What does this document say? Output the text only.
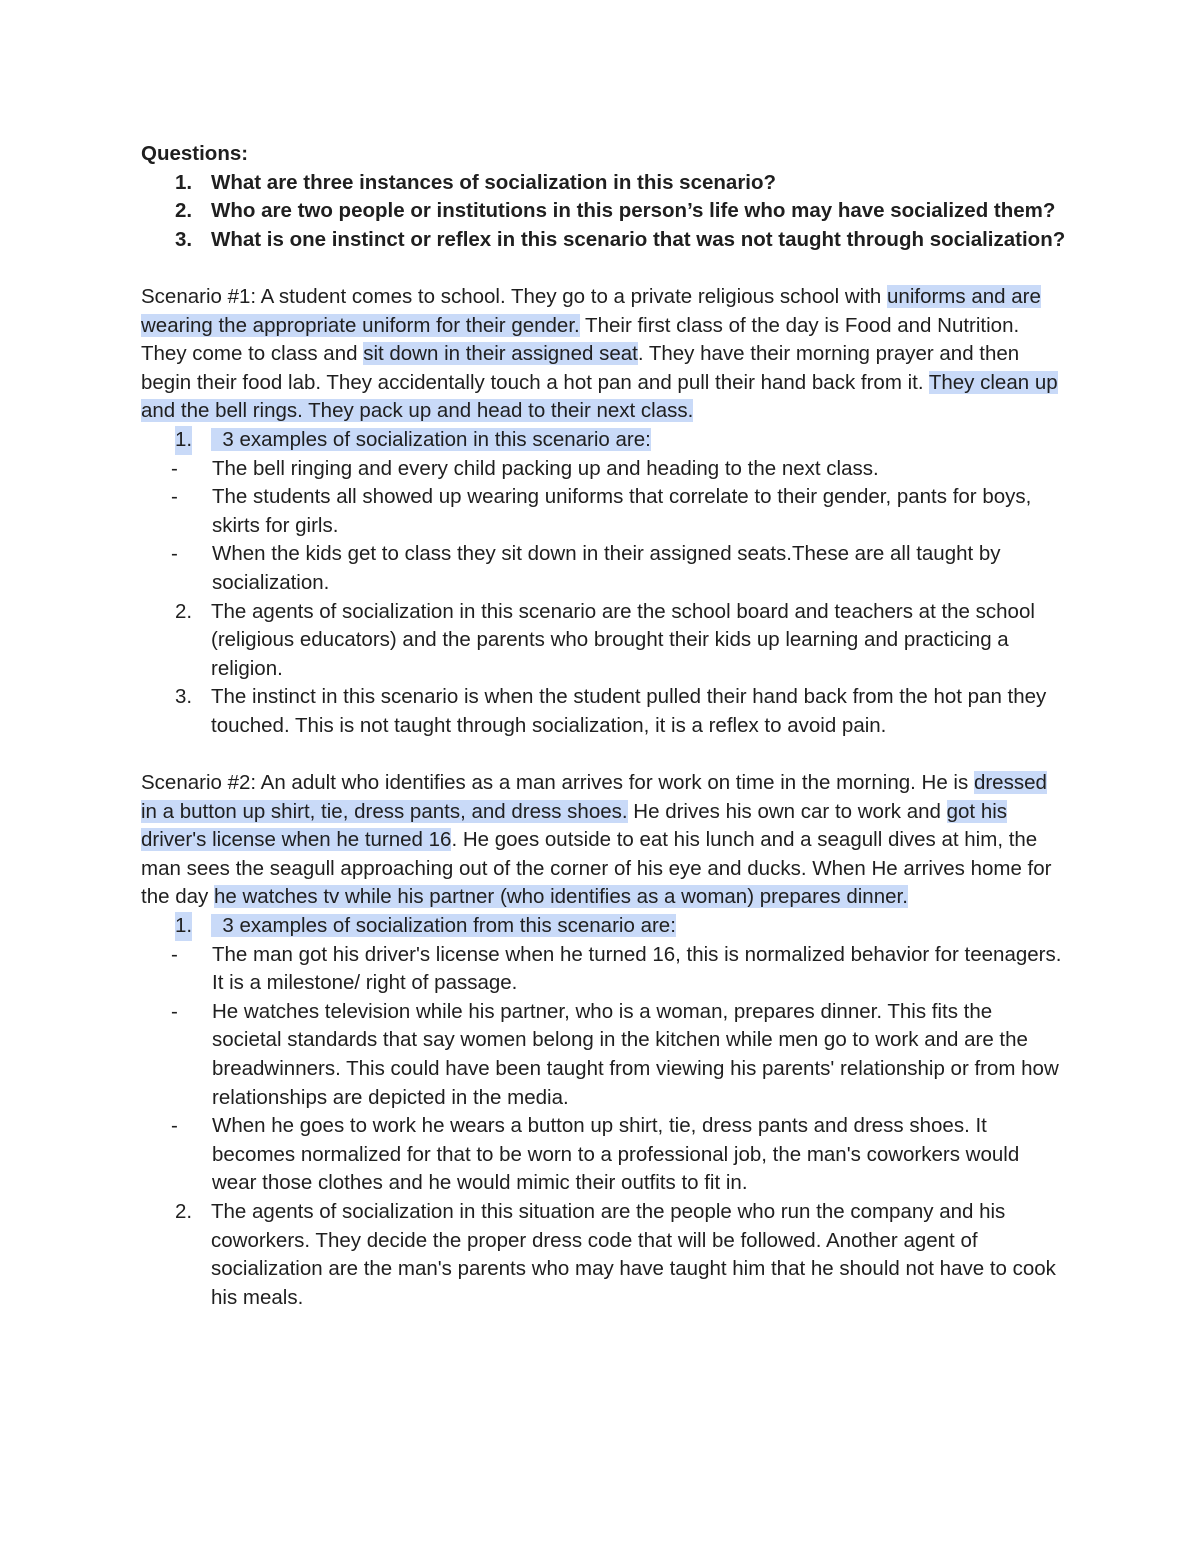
Questions:
1. What are three instances of socialization in this scenario?
2. Who are two people or institutions in this person’s life who may have socialized them?
3. What is one instinct or reflex in this scenario that was not taught through socialization?
Scenario #1: A student comes to school. They go to a private religious school with uniforms and are wearing the appropriate uniform for their gender. Their first class of the day is Food and Nutrition. They come to class and sit down in their assigned seat. They have their morning prayer and then begin their food lab. They accidentally touch a hot pan and pull their hand back from it. They clean up and the bell rings. They pack up and head to their next class.
1. 3 examples of socialization in this scenario are:
- The bell ringing and every child packing up and heading to the next class.
- The students all showed up wearing uniforms that correlate to their gender, pants for boys, skirts for girls.
- When the kids get to class they sit down in their assigned seats.These are all taught by socialization.
2. The agents of socialization in this scenario are the school board and teachers at the school (religious educators) and the parents who brought their kids up learning and practicing a religion.
3. The instinct in this scenario is when the student pulled their hand back from the hot pan they touched. This is not taught through socialization, it is a reflex to avoid pain.
Scenario #2: An adult who identifies as a man arrives for work on time in the morning. He is dressed in a button up shirt, tie, dress pants, and dress shoes. He drives his own car to work and got his driver's license when he turned 16. He goes outside to eat his lunch and a seagull dives at him, the man sees the seagull approaching out of the corner of his eye and ducks. When He arrives home for the day he watches tv while his partner (who identifies as a woman) prepares dinner.
1. 3 examples of socialization from this scenario are:
- The man got his driver's license when he turned 16, this is normalized behavior for teenagers. It is a milestone/ right of passage.
- He watches television while his partner, who is a woman, prepares dinner. This fits the societal standards that say women belong in the kitchen while men go to work and are the breadwinners. This could have been taught from viewing his parents' relationship or from how relationships are depicted in the media.
- When he goes to work he wears a button up shirt, tie, dress pants and dress shoes. It becomes normalized for that to be worn to a professional job, the man's coworkers would wear those clothes and he would mimic their outfits to fit in.
2. The agents of socialization in this situation are the people who run the company and his coworkers. They decide the proper dress code that will be followed. Another agent of socialization are the man's parents who may have taught him that he should not have to cook his meals.
